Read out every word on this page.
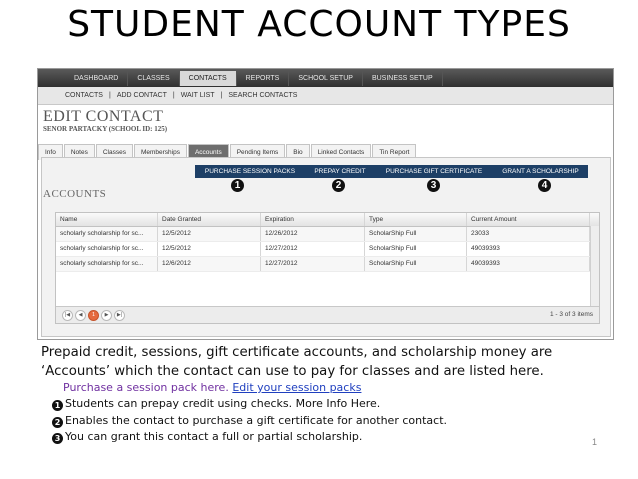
STUDENT ACCOUNT TYPES
DASHBOARD	CLASSES	CONTACTS	REPORTS	SCHOOL SETUP	BUSINESS SETUP
CONTACTS | ADD CONTACT | WAIT LIST | SEARCH CONTACTS
EDIT CONTACT
SENOR PARTACKY (SCHOOL ID: 125)
Info	Notes	Classes	Memberships	Accounts	Pending Items	Bio	Linked Contacts	Tin Report
PURCHASE SESSION PACKS	PREPAY CREDIT	PURCHASE GIFT CERTIFICATE	GRANT A SCHOLARSHIP
1	2	3	4
ACCOUNTS
Name	Date Granted	Expiration	Type	Current Amount
scholarly scholarship for sc...	12/5/2012	12/26/2012	ScholarShip Full	23033
scholarly scholarship for sc...	12/5/2012	12/27/2012	ScholarShip Full	49039393
scholarly scholarship for sc...	12/6/2012	12/27/2012	ScholarShip Full	49039393
|◀	◀	1	▶	▶|	1 - 3 of 3 items
Prepaid credit, sessions, gift certificate accounts, and scholarship money are
‘Accounts’ which the contact can use to pay for classes and are listed here.
Purchase a session pack here. Edit your session packs
1 Students can prepay credit using checks. More Info Here.
2 Enables the contact to purchase a gift certificate for another contact.
3 You can grant this contact a full or partial scholarship.	1
